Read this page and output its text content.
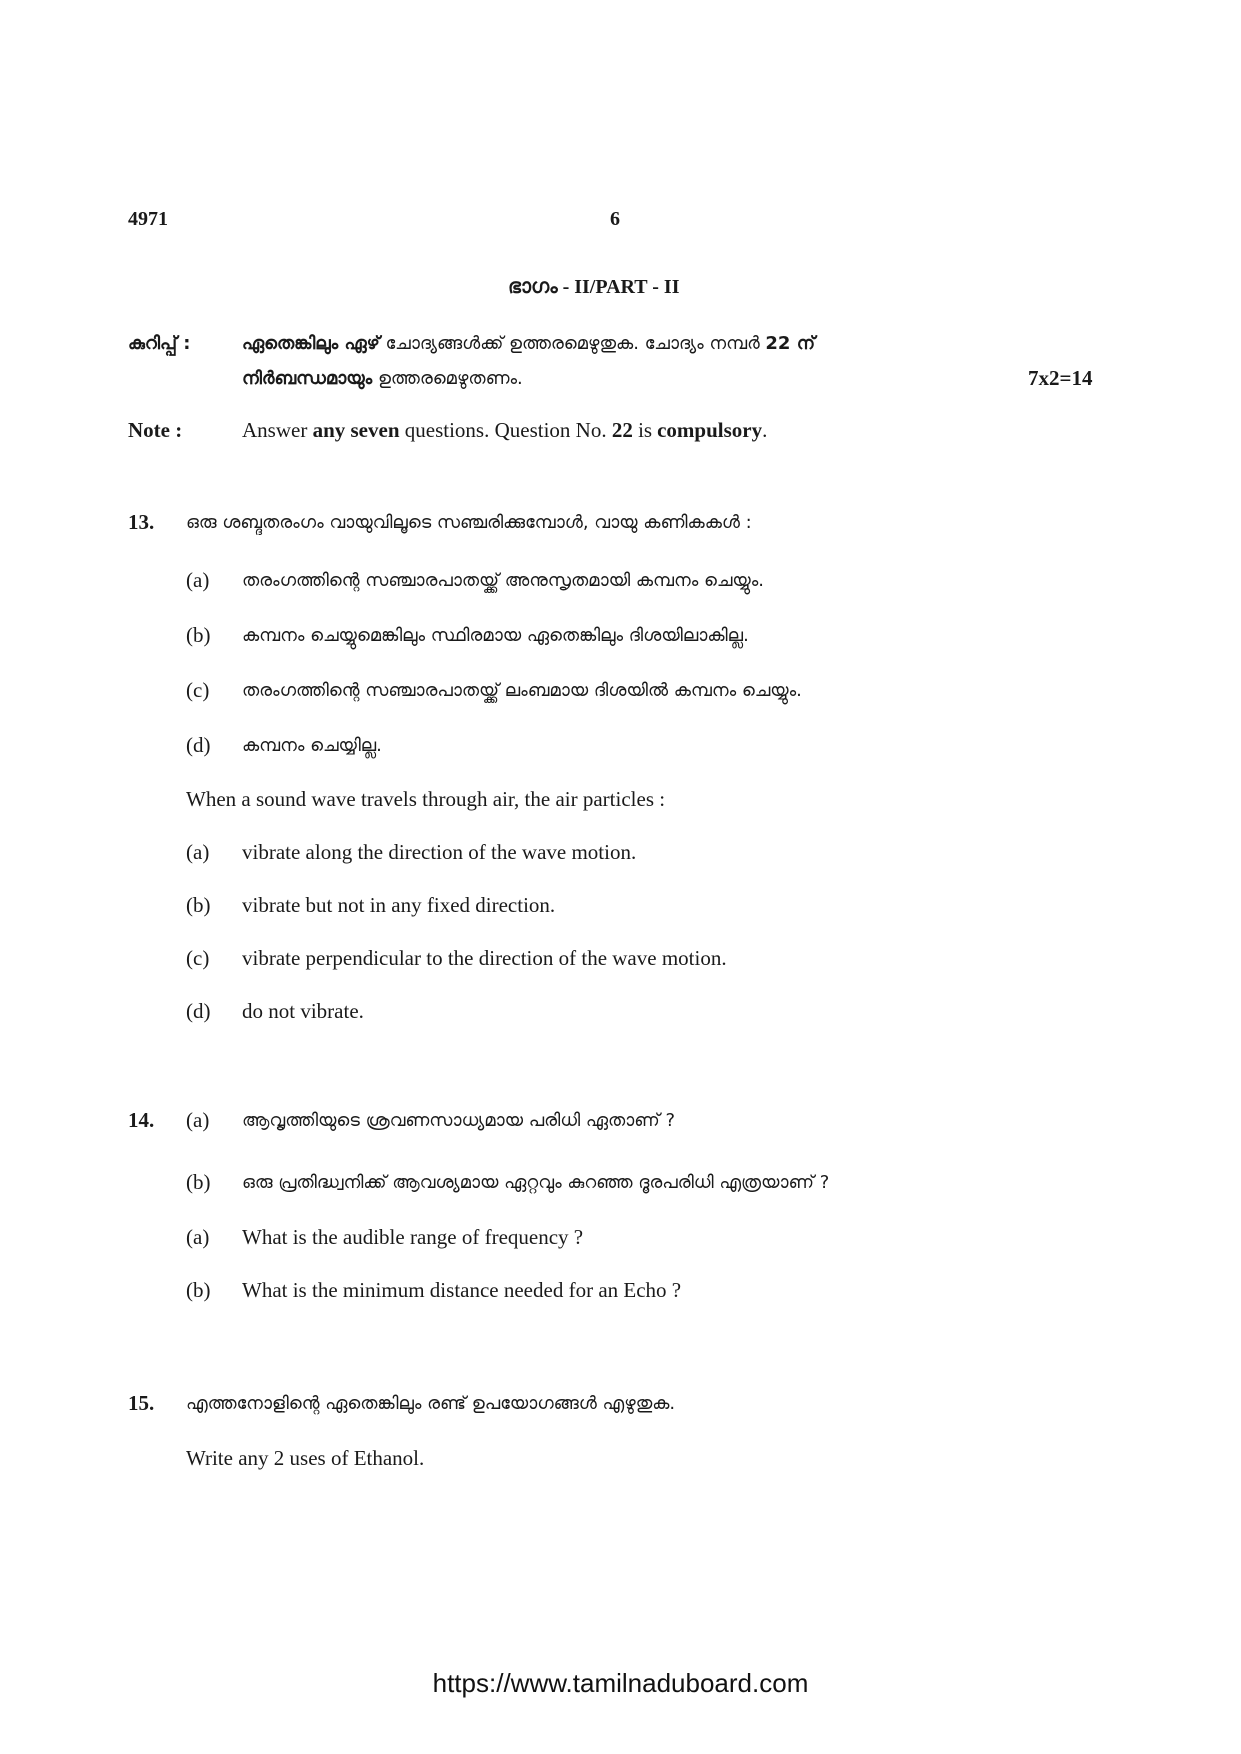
4971	6
ഭാഗം - II/PART - II
കുറിപ്പ് :	ഏതെങ്കിലും ഏഴ് ചോദ്യങ്ങൾക്ക് ഉത്തരമെഴുതുക. ചോദ്യം നമ്പർ 22 ന്
നിർബന്ധമായും ഉത്തരമെഴുതണം.	7x2=14
Note :	Answer any seven questions. Question No. 22 is compulsory.
13. ഒരു ശബ്ദതരംഗം വായുവിലൂടെ സഞ്ചരിക്കുമ്പോൾ, വായു കണികകൾ :
(a) തരംഗത്തിന്റെ സഞ്ചാരപാതയ്ക്ക് അനുസൃതമായി കമ്പനം ചെയ്യും.
(b) കമ്പനം ചെയ്യുമെങ്കിലും സ്ഥിരമായ ഏതെങ്കിലും ദിശയിലാകില്ല.
(c) തരംഗത്തിന്റെ സഞ്ചാരപാതയ്ക്ക് ലംബമായ ദിശയിൽ കമ്പനം ചെയ്യും.
(d) കമ്പനം ചെയ്യില്ല.
When a sound wave travels through air, the air particles :
(a) vibrate along the direction of the wave motion.
(b) vibrate but not in any fixed direction.
(c) vibrate perpendicular to the direction of the wave motion.
(d) do not vibrate.
14. (a) ആവൃത്തിയുടെ ശ്രവണസാധ്യമായ പരിധി ഏതാണ് ?
(b) ഒരു പ്രതിദ്ധ്വനിക്ക് ആവശ്യമായ ഏറ്റവും കുറഞ്ഞ ദൂരപരിധി എത്രയാണ് ?
(a) What is the audible range of frequency ?
(b) What is the minimum distance needed for an Echo ?
15. എത്തനോളിന്റെ ഏതെങ്കിലും രണ്ട് ഉപയോഗങ്ങൾ എഴുതുക.
Write any 2 uses of Ethanol.
https://www.tamilnaduboard.com
